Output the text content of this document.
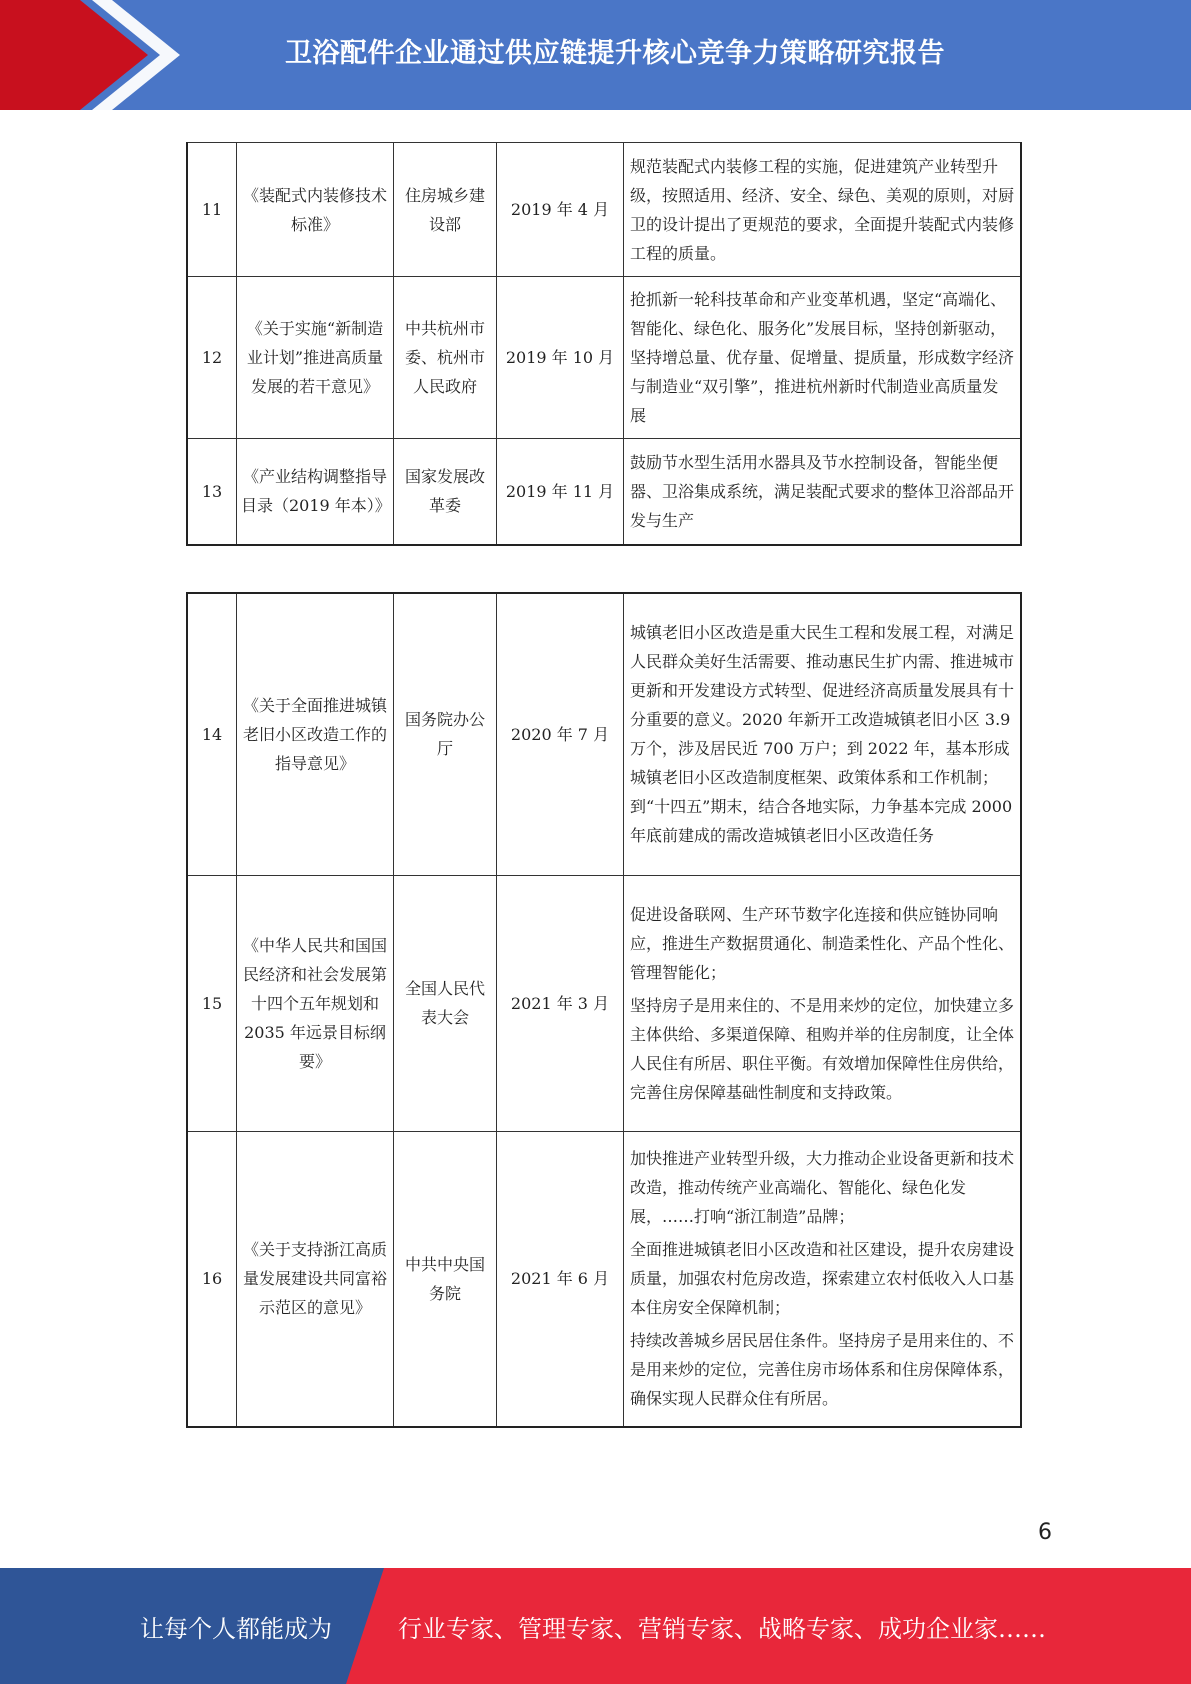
卫浴配件企业通过供应链提升核心竞争力策略研究报告
11	《装配式内装修技术标准》	住房城乡建设部	2019 年 4 月	规范装配式内装修工程的实施，促进建筑产业转型升级，按照适用、经济、安全、绿色、美观的原则，对厨卫的设计提出了更规范的要求，全面提升装配式内装修工程的质量。

12	《关于实施“新制造业计划”推进高质量发展的若干意见》	中共杭州市委、杭州市人民政府	2019 年 10 月	抢抓新一轮科技革命和产业变革机遇，坚定“高端化、智能化、绿色化、服务化”发展目标，坚持创新驱动，坚持增总量、优存量、促增量、提质量，形成数字经济与制造业“双引擎”，推进杭州新时代制造业高质量发展

13	《产业结构调整指导目录（2019 年本）》	国家发展改革委	2019 年 11 月	鼓励节水型生活用水器具及节水控制设备，智能坐便器、卫浴集成系统，满足装配式要求的整体卫浴部品开发与生产

14	《关于全面推进城镇老旧小区改造工作的指导意见》	国务院办公厅	2020 年 7 月	城镇老旧小区改造是重大民生工程和发展工程，对满足人民群众美好生活需要、推动惠民生扩内需、推进城市更新和开发建设方式转型、促进经济高质量发展具有十分重要的意义。2020 年新开工改造城镇老旧小区 3.9 万个，涉及居民近 700 万户；到 2022 年，基本形成城镇老旧小区改造制度框架、政策体系和工作机制；到“十四五”期末，结合各地实际，力争基本完成 2000 年底前建成的需改造城镇老旧小区改造任务

15	《中华人民共和国国民经济和社会发展第十四个五年规划和 2035 年远景目标纲要》	全国人民代表大会	2021 年 3 月	促进设备联网、生产环节数字化连接和供应链协同响应，推进生产数据贯通化、制造柔性化、产品个性化、管理智能化；

坚持房子是用来住的、不是用来炒的定位，加快建立多主体供给、多渠道保障、租购并举的住房制度，让全体人民住有所居、职住平衡。有效增加保障性住房供给，完善住房保障基础性制度和支持政策。

16	《关于支持浙江高质量发展建设共同富裕示范区的意见》	中共中央国务院	2021 年 6 月	加快推进产业转型升级，大力推动企业设备更新和技术改造，推动传统产业高端化、智能化、绿色化发展，……打响“浙江制造”品牌；

全面推进城镇老旧小区改造和社区建设，提升农房建设质量，加强农村危房改造，探索建立农村低收入人口基本住房安全保障机制；

持续改善城乡居民居住条件。坚持房子是用来住的、不是用来炒的定位，完善住房市场体系和住房保障体系，确保实现人民群众住有所居。

6
让每个人都能成为	行业专家、管理专家、营销专家、战略专家、成功企业家……
